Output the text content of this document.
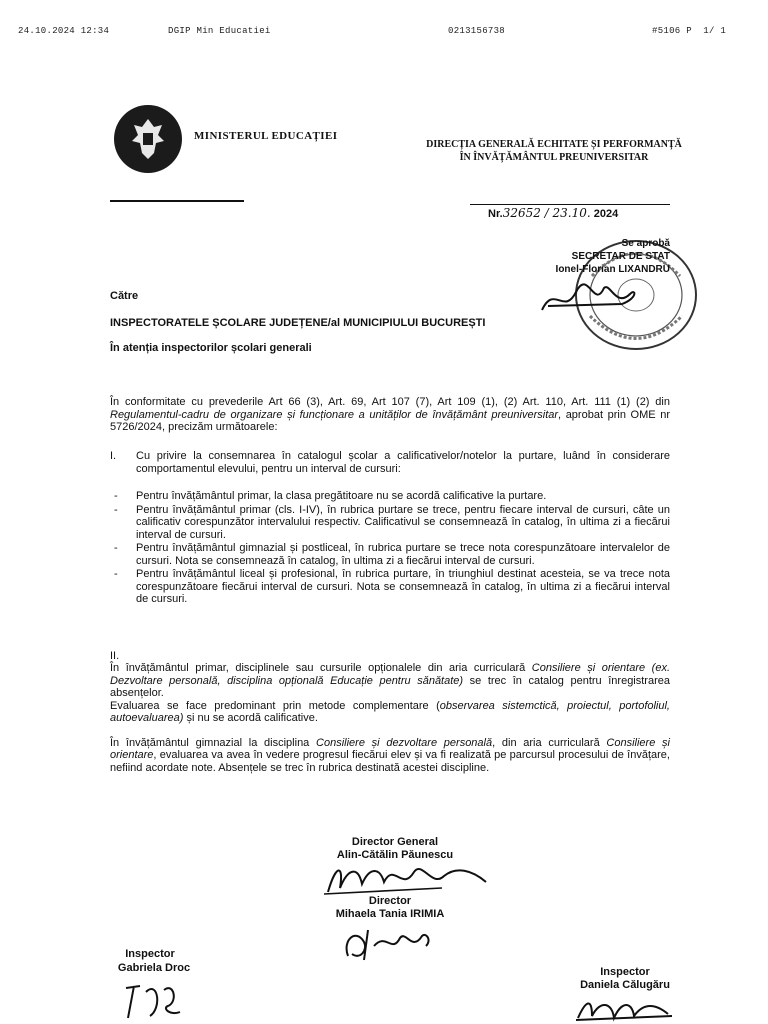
24.10.2024 12:34	DGIP Min Educatiei	0213156738	#5106 P  1/ 1
MINISTERUL EDUCAȚIEI
DIRECȚIA GENERALĂ ECHITATE ȘI PERFORMANȚĂ
ÎN ÎNVĂȚĂMÂNTUL PREUNIVERSITAR
Nr.32652 / 23.10. 2024
Se aprobă
SECRETAR DE STAT
Ionel-Florian LIXANDRU
Către
INSPECTORATELE ȘCOLARE JUDEȚENE/al MUNICIPIULUI BUCUREȘTI
În atenția inspectorilor școlari generali
În conformitate cu prevederile Art 66 (3), Art. 69, Art 107 (7), Art 109 (1), (2) Art. 110, Art. 111 (1) (2) din Regulamentul-cadru de organizare și funcționare a unităților de învățământ preuniversitar, aprobat prin OME nr 5726/2024, precizăm următoarele:
I.	Cu privire la consemnarea în catalogul școlar a calificativelor/notelor la purtare, luând în considerare comportamentul elevului, pentru un interval de cursuri:
- Pentru învățământul primar, la clasa pregătitoare nu se acordă calificative la purtare.
- Pentru învățământul primar (cls. I-IV), în rubrica purtare se trece, pentru fiecare interval de cursuri, câte un calificativ corespunzător intervalului respectiv. Calificativul se consemnează în catalog, în ultima zi a fiecărui interval de cursuri.
- Pentru învățământul gimnazial și postliceal, în rubrica purtare se trece nota corespunzătoare intervalelor de cursuri. Nota se consemnează în catalog, în ultima zi a fiecărui interval de cursuri.
- Pentru învățământul liceal și profesional, în rubrica purtare, în triunghiul destinat acesteia, se va trece nota corespunzătoare fiecărui interval de cursuri. Nota se consemnează în catalog, în ultima zi a fiecărui interval de cursuri.
II.

În învățământul primar, disciplinele sau cursurile opționalele din aria curriculară Consiliere și orientare (ex. Dezvoltare personală, disciplina opțională Educație pentru sănătate) se trec în catalog pentru înregistrarea absențelor.

Evaluarea se face predominant prin metode complementare (observarea sistemctică, proiectul, portofoliul, autoevaluarea) și nu se acordă calificative.

În învățământul gimnazial la disciplina Consiliere și dezvoltare personală, din aria curriculară Consiliere și orientare, evaluarea va avea în vedere progresul fiecărui elev și va fi realizată pe parcursul procesului de învățare, nefiind acordate note. Absențele se trec în rubrica destinată acestei discipline.

Director General
Alin-Cătălin Păunescu
Director
Mihaela Tania IRIMIA
Inspector
Gabriela Droc	Inspector
Daniela Călugăru
